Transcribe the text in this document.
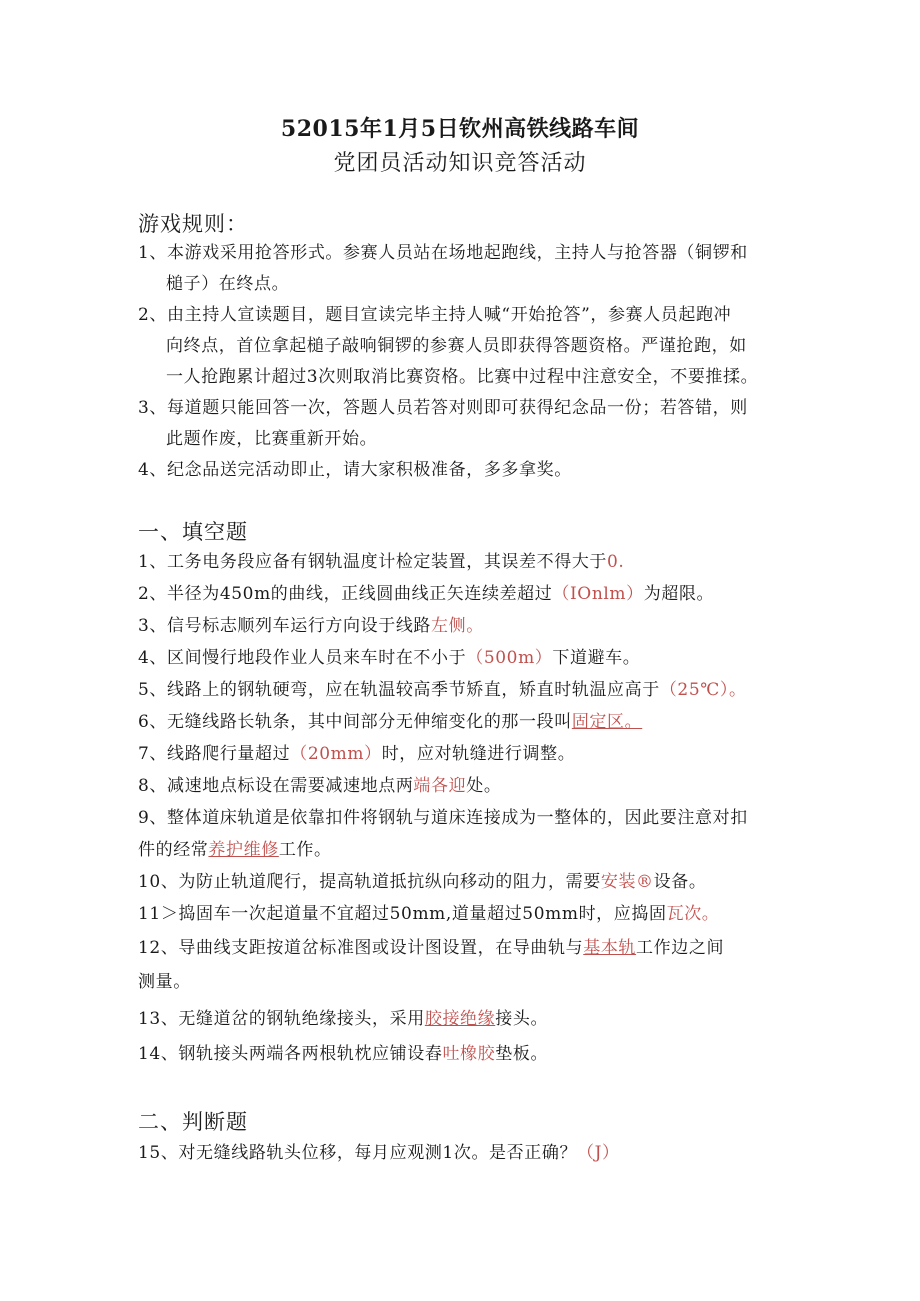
52015年1月5日钦州高铁线路车间
党团员活动知识竞答活动
游戏规则：
1、本游戏采用抢答形式。参赛人员站在场地起跑线，主持人与抢答器（铜锣和
槌子）在终点。
2、由主持人宣读题目，题目宣读完毕主持人喊“开始抢答”，参赛人员起跑冲
向终点，首位拿起槌子敲响铜锣的参赛人员即获得答题资格。严谨抢跑，如
一人抢跑累计超过3次则取消比赛资格。比赛中过程中注意安全，不要推揉。
3、每道题只能回答一次，答题人员若答对则即可获得纪念品一份；若答错，则
此题作废，比赛重新开始。
4、纪念品送完活动即止，请大家积极准备，多多拿奖。
一、填空题
1、工务电务段应备有钢轨温度计检定装置，其误差不得大于0.
2、半径为450m的曲线，正线圆曲线正矢连续差超过（IOnlm）为超限。
3、信号标志顺列车运行方向设于线路左侧。
4、区间慢行地段作业人员来车时在不小于（500m）下道避车。
5、线路上的钢轨硬弯，应在轨温较高季节矫直，矫直时轨温应高于（25℃）。
6、无缝线路长轨条，其中间部分无伸缩变化的那一段叫固定区。
7、线路爬行量超过（20mm）时，应对轨缝进行调整。
8、减速地点标设在需要减速地点两端各迎处。
9、整体道床轨道是依靠扣件将钢轨与道床连接成为一整体的，因此要注意对扣
件的经常养护维修工作。
10、为防止轨道爬行，提高轨道抵抗纵向移动的阻力，需要安装®设备。
11＞捣固车一次起道量不宜超过50mm,道量超过50mm时，应捣固瓦次。
12、导曲线支距按道岔标准图或设计图设置，在导曲轨与基本轨工作边之间
测量。
13、无缝道岔的钢轨绝缘接头，采用胶接绝缘接头。
14、钢轨接头两端各两根轨枕应铺设舂吐橡胶垫板。
二、判断题
15、对无缝线路轨头位移，每月应观测1次。是否正确？（J）
